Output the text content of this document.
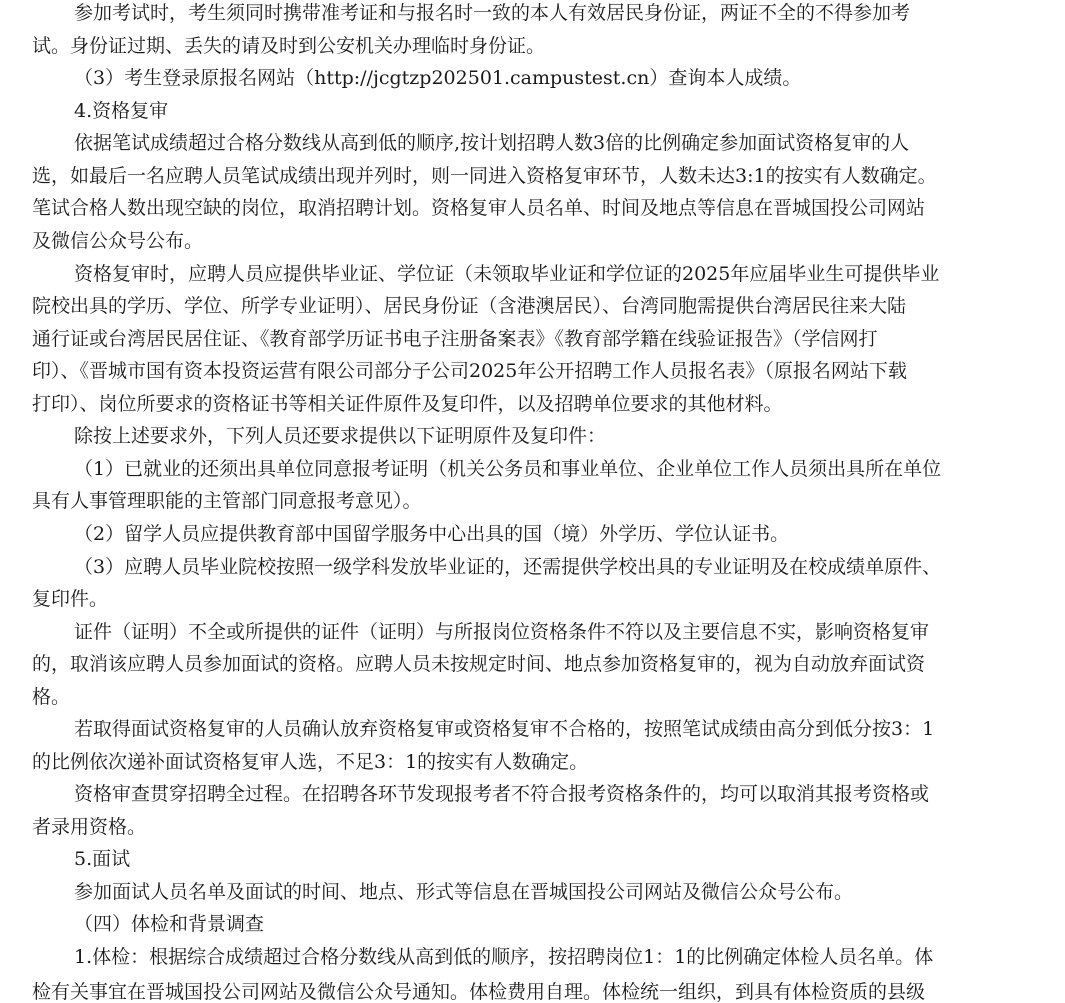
参加考试时，考生须同时携带准考证和与报名时一致的本人有效居民身份证，两证不全的不得参加考
试。身份证过期、丢失的请及时到公安机关办理临时身份证。
（3）考生登录原报名网站（http://jcgtzp202501.campustest.cn）查询本人成绩。
4.资格复审
依据笔试成绩超过合格分数线从高到低的顺序,按计划招聘人数3倍的比例确定参加面试资格复审的人
选，如最后一名应聘人员笔试成绩出现并列时，则一同进入资格复审环节，人数未达3:1的按实有人数确定。
笔试合格人数出现空缺的岗位，取消招聘计划。资格复审人员名单、时间及地点等信息在晋城国投公司网站
及微信公众号公布。
资格复审时，应聘人员应提供毕业证、学位证（未领取毕业证和学位证的2025年应届毕业生可提供毕业
院校出具的学历、学位、所学专业证明）、居民身份证（含港澳居民）、台湾同胞需提供台湾居民往来大陆
通行证或台湾居民居住证、《教育部学历证书电子注册备案表》《教育部学籍在线验证报告》（学信网打
印）、《晋城市国有资本投资运营有限公司部分子公司2025年公开招聘工作人员报名表》（原报名网站下载
打印）、岗位所要求的资格证书等相关证件原件及复印件，以及招聘单位要求的其他材料。
除按上述要求外，下列人员还要求提供以下证明原件及复印件：
（1）已就业的还须出具单位同意报考证明（机关公务员和事业单位、企业单位工作人员须出具所在单位
具有人事管理职能的主管部门同意报考意见）。
（2）留学人员应提供教育部中国留学服务中心出具的国（境）外学历、学位认证书。
（3）应聘人员毕业院校按照一级学科发放毕业证的，还需提供学校出具的专业证明及在校成绩单原件、
复印件。
证件（证明）不全或所提供的证件（证明）与所报岗位资格条件不符以及主要信息不实，影响资格复审
的，取消该应聘人员参加面试的资格。应聘人员未按规定时间、地点参加资格复审的，视为自动放弃面试资
格。
若取得面试资格复审的人员确认放弃资格复审或资格复审不合格的，按照笔试成绩由高分到低分按3：1
的比例依次递补面试资格复审人选，不足3：1的按实有人数确定。
资格审查贯穿招聘全过程。在招聘各环节发现报考者不符合报考资格条件的，均可以取消其报考资格或
者录用资格。
5.面试
参加面试人员名单及面试的时间、地点、形式等信息在晋城国投公司网站及微信公众号公布。
（四）体检和背景调查
1.体检：根据综合成绩超过合格分数线从高到低的顺序，按招聘岗位1：1的比例确定体检人员名单。体
检有关事宜在晋城国投公司网站及微信公众号通知。体检费用自理。体检统一组织，到具有体检资质的县级
